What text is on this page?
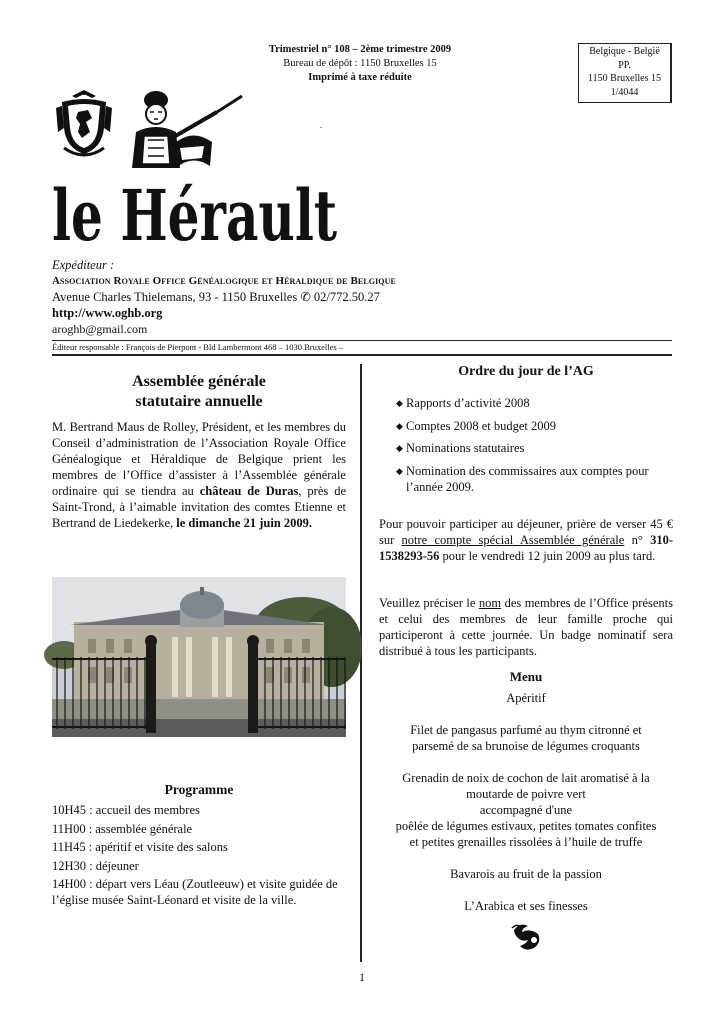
Trimestriel n° 108 – 2ème trimestre 2009
Bureau de dépôt : 1150 Bruxelles 15
Imprimé à taxe réduite
Belgique - België
PP.
1150 Bruxelles 15
1/4044
.
le Hérault
Expéditeur :
Association Royale Office Généalogique et Héraldique de Belgique
Avenue Charles Thielemans, 93 - 1150 Bruxelles ✆ 02/772.50.27
http://www.oghb.org
aroghb@gmail.com
Éditeur responsable : François de Pierpont - Bld Lambermont 468 – 1030 Bruxelles –
Assemblée générale
statutaire annuelle
M. Bertrand Maus de Rolley, Président, et les membres du Conseil d’administration de l’Association Royale Office Généalogique et Héraldique de Belgique prient les membres de l’Office d’assister à l’Assemblée générale ordinaire qui se tiendra au château de Duras, près de Saint-Trond, à l’aimable invitation des comtes Etienne et Bertrand de Liedekerke, le dimanche 21 juin 2009.
Programme
10H45 : accueil des membres
11H00 : assemblée générale
11H45 : apéritif et visite des salons
12H30 : déjeuner
14H00 : départ vers Léau (Zoutleeuw) et visite guidée de l’église musée Saint-Léonard et visite de la ville.
Ordre du jour de l’AG
◆ Rapports d’activité 2008
◆ Comptes 2008 et budget 2009
◆ Nominations statutaires
◆ Nomination des commissaires aux comptes pour l’année 2009.
Pour pouvoir participer au déjeuner, prière de verser 45 € sur notre compte spécial Assemblée générale n° 310-1538293-56 pour le vendredi 12 juin 2009 au plus tard.
Veuillez préciser le nom des membres de l’Office présents et celui des membres de leur famille proche qui participeront à cette journée. Un badge nominatif sera distribué à tous les participants.
Menu
Apéritif
Filet de pangasus parfumé au thym citronné et
parsemé de sa brunoise de légumes croquants
Grenadin de noix de cochon de lait aromatisé à la
moutarde de poivre vert
accompagné d'une
poêlée de légumes estivaux, petites tomates confites
et petites grenailles rissolées à l’huile de truffe
Bavarois au fruit de la passion
L’Arabica et ses finesses
1
